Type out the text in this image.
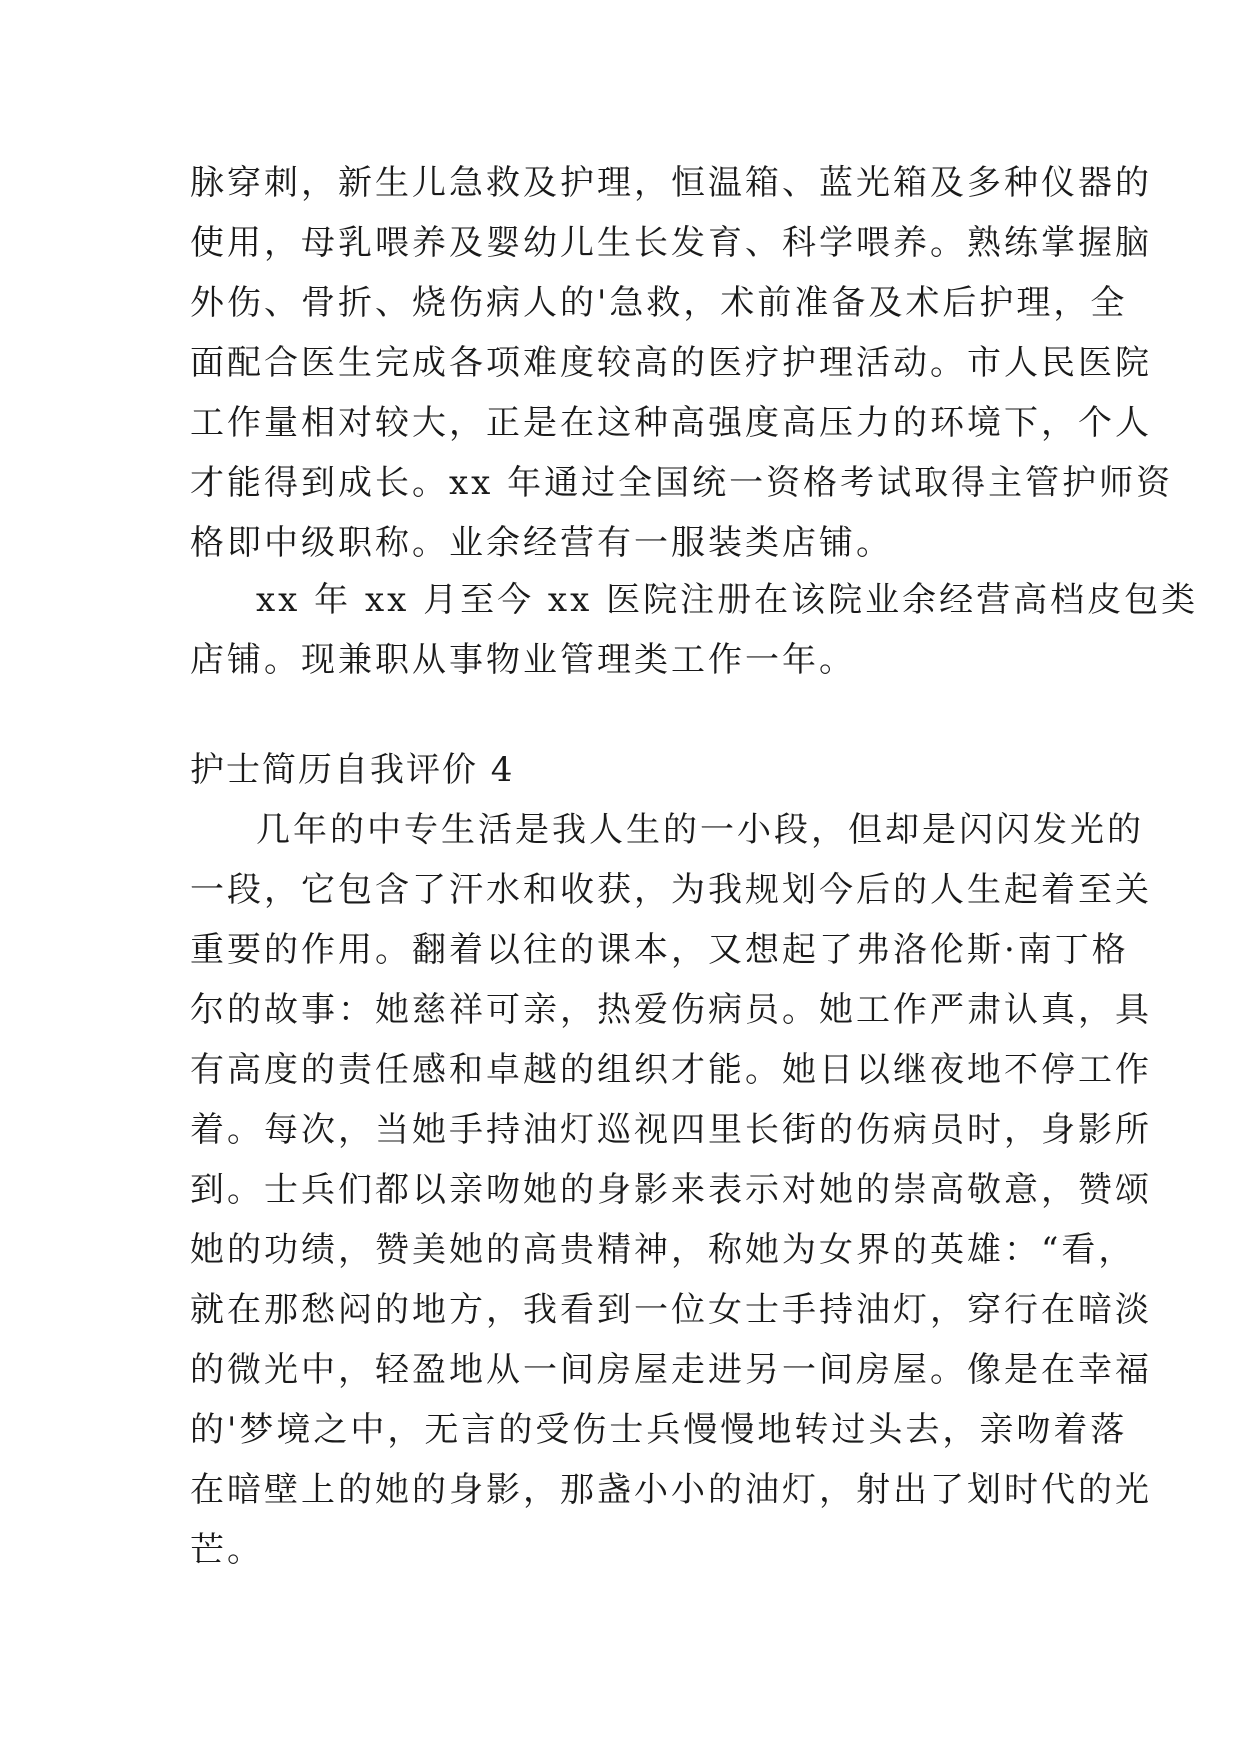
脉穿刺，新生儿急救及护理，恒温箱、蓝光箱及多种仪器的
使用，母乳喂养及婴幼儿生长发育、科学喂养。熟练掌握脑
外伤、骨折、烧伤病人的'急救，术前准备及术后护理，全
面配合医生完成各项难度较高的医疗护理活动。市人民医院
工作量相对较大，正是在这种高强度高压力的环境下，个人
才能得到成长。xx 年通过全国统一资格考试取得主管护师资
格即中级职称。业余经营有一服装类店铺。
xx 年 xx 月至今 xx 医院注册在该院业余经营高档皮包类
店铺。现兼职从事物业管理类工作一年。
护士简历自我评价 4
几年的中专生活是我人生的一小段，但却是闪闪发光的
一段，它包含了汗水和收获，为我规划今后的人生起着至关
重要的作用。翻着以往的课本，又想起了弗洛伦斯·南丁格
尔的故事：她慈祥可亲，热爱伤病员。她工作严肃认真，具
有高度的责任感和卓越的组织才能。她日以继夜地不停工作
着。每次，当她手持油灯巡视四里长街的伤病员时，身影所
到。士兵们都以亲吻她的身影来表示对她的崇高敬意，赞颂
她的功绩，赞美她的高贵精神，称她为女界的英雄：“看，
就在那愁闷的地方，我看到一位女士手持油灯，穿行在暗淡
的微光中，轻盈地从一间房屋走进另一间房屋。像是在幸福
的'梦境之中，无言的受伤士兵慢慢地转过头去，亲吻着落
在暗壁上的她的身影，那盏小小的油灯，射出了划时代的光
芒。
